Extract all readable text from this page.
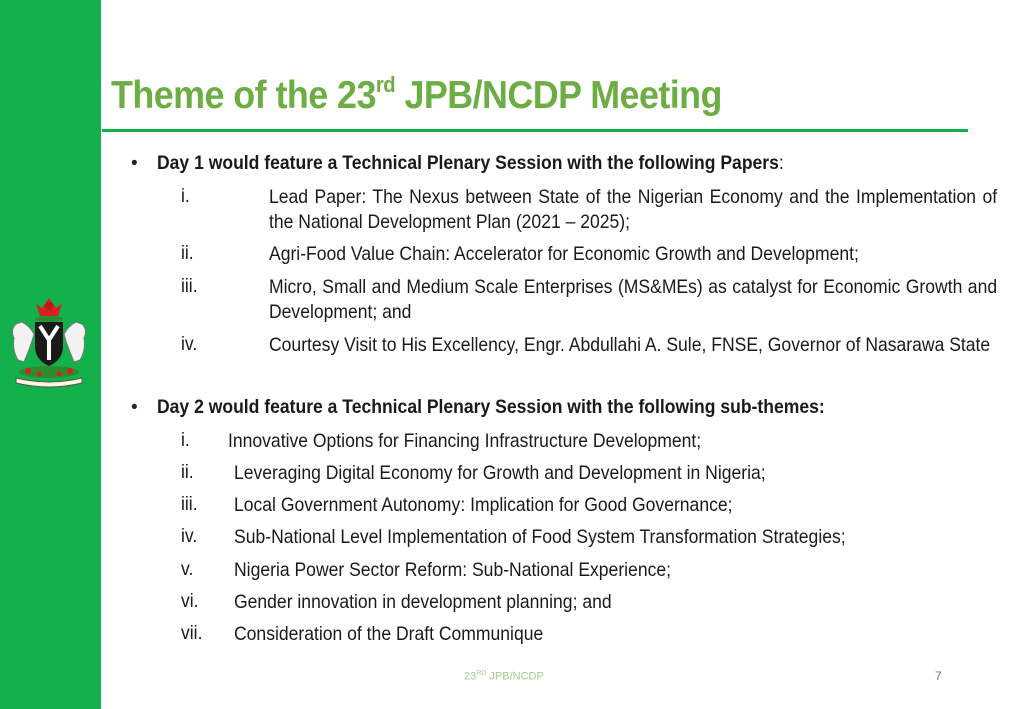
Theme of the 23rd JPB/NCDP Meeting
• Day 1 would feature a Technical Plenary Session with the following Papers:
i.	Lead Paper: The Nexus between State of the Nigerian Economy and the Implementation of the National Development Plan (2021 – 2025);
ii.	Agri-Food Value Chain: Accelerator for Economic Growth and Development;
iii.	Micro, Small and Medium Scale Enterprises (MS&MEs) as catalyst for Economic Growth and Development; and
iv.	Courtesy Visit to His Excellency, Engr. Abdullahi A. Sule, FNSE, Governor of Nasarawa State
• Day 2 would feature a Technical Plenary Session with the following sub-themes:
i. Innovative Options for Financing Infrastructure Development;
ii. Leveraging Digital Economy for Growth and Development in Nigeria;
iii. Local Government Autonomy: Implication for Good Governance;
iv. Sub-National Level Implementation of Food System Transformation Strategies;
v. Nigeria Power Sector Reform: Sub-National Experience;
vi. Gender innovation in development planning; and
vii. Consideration of the Draft Communique
23RD JPB/NCDP	7
